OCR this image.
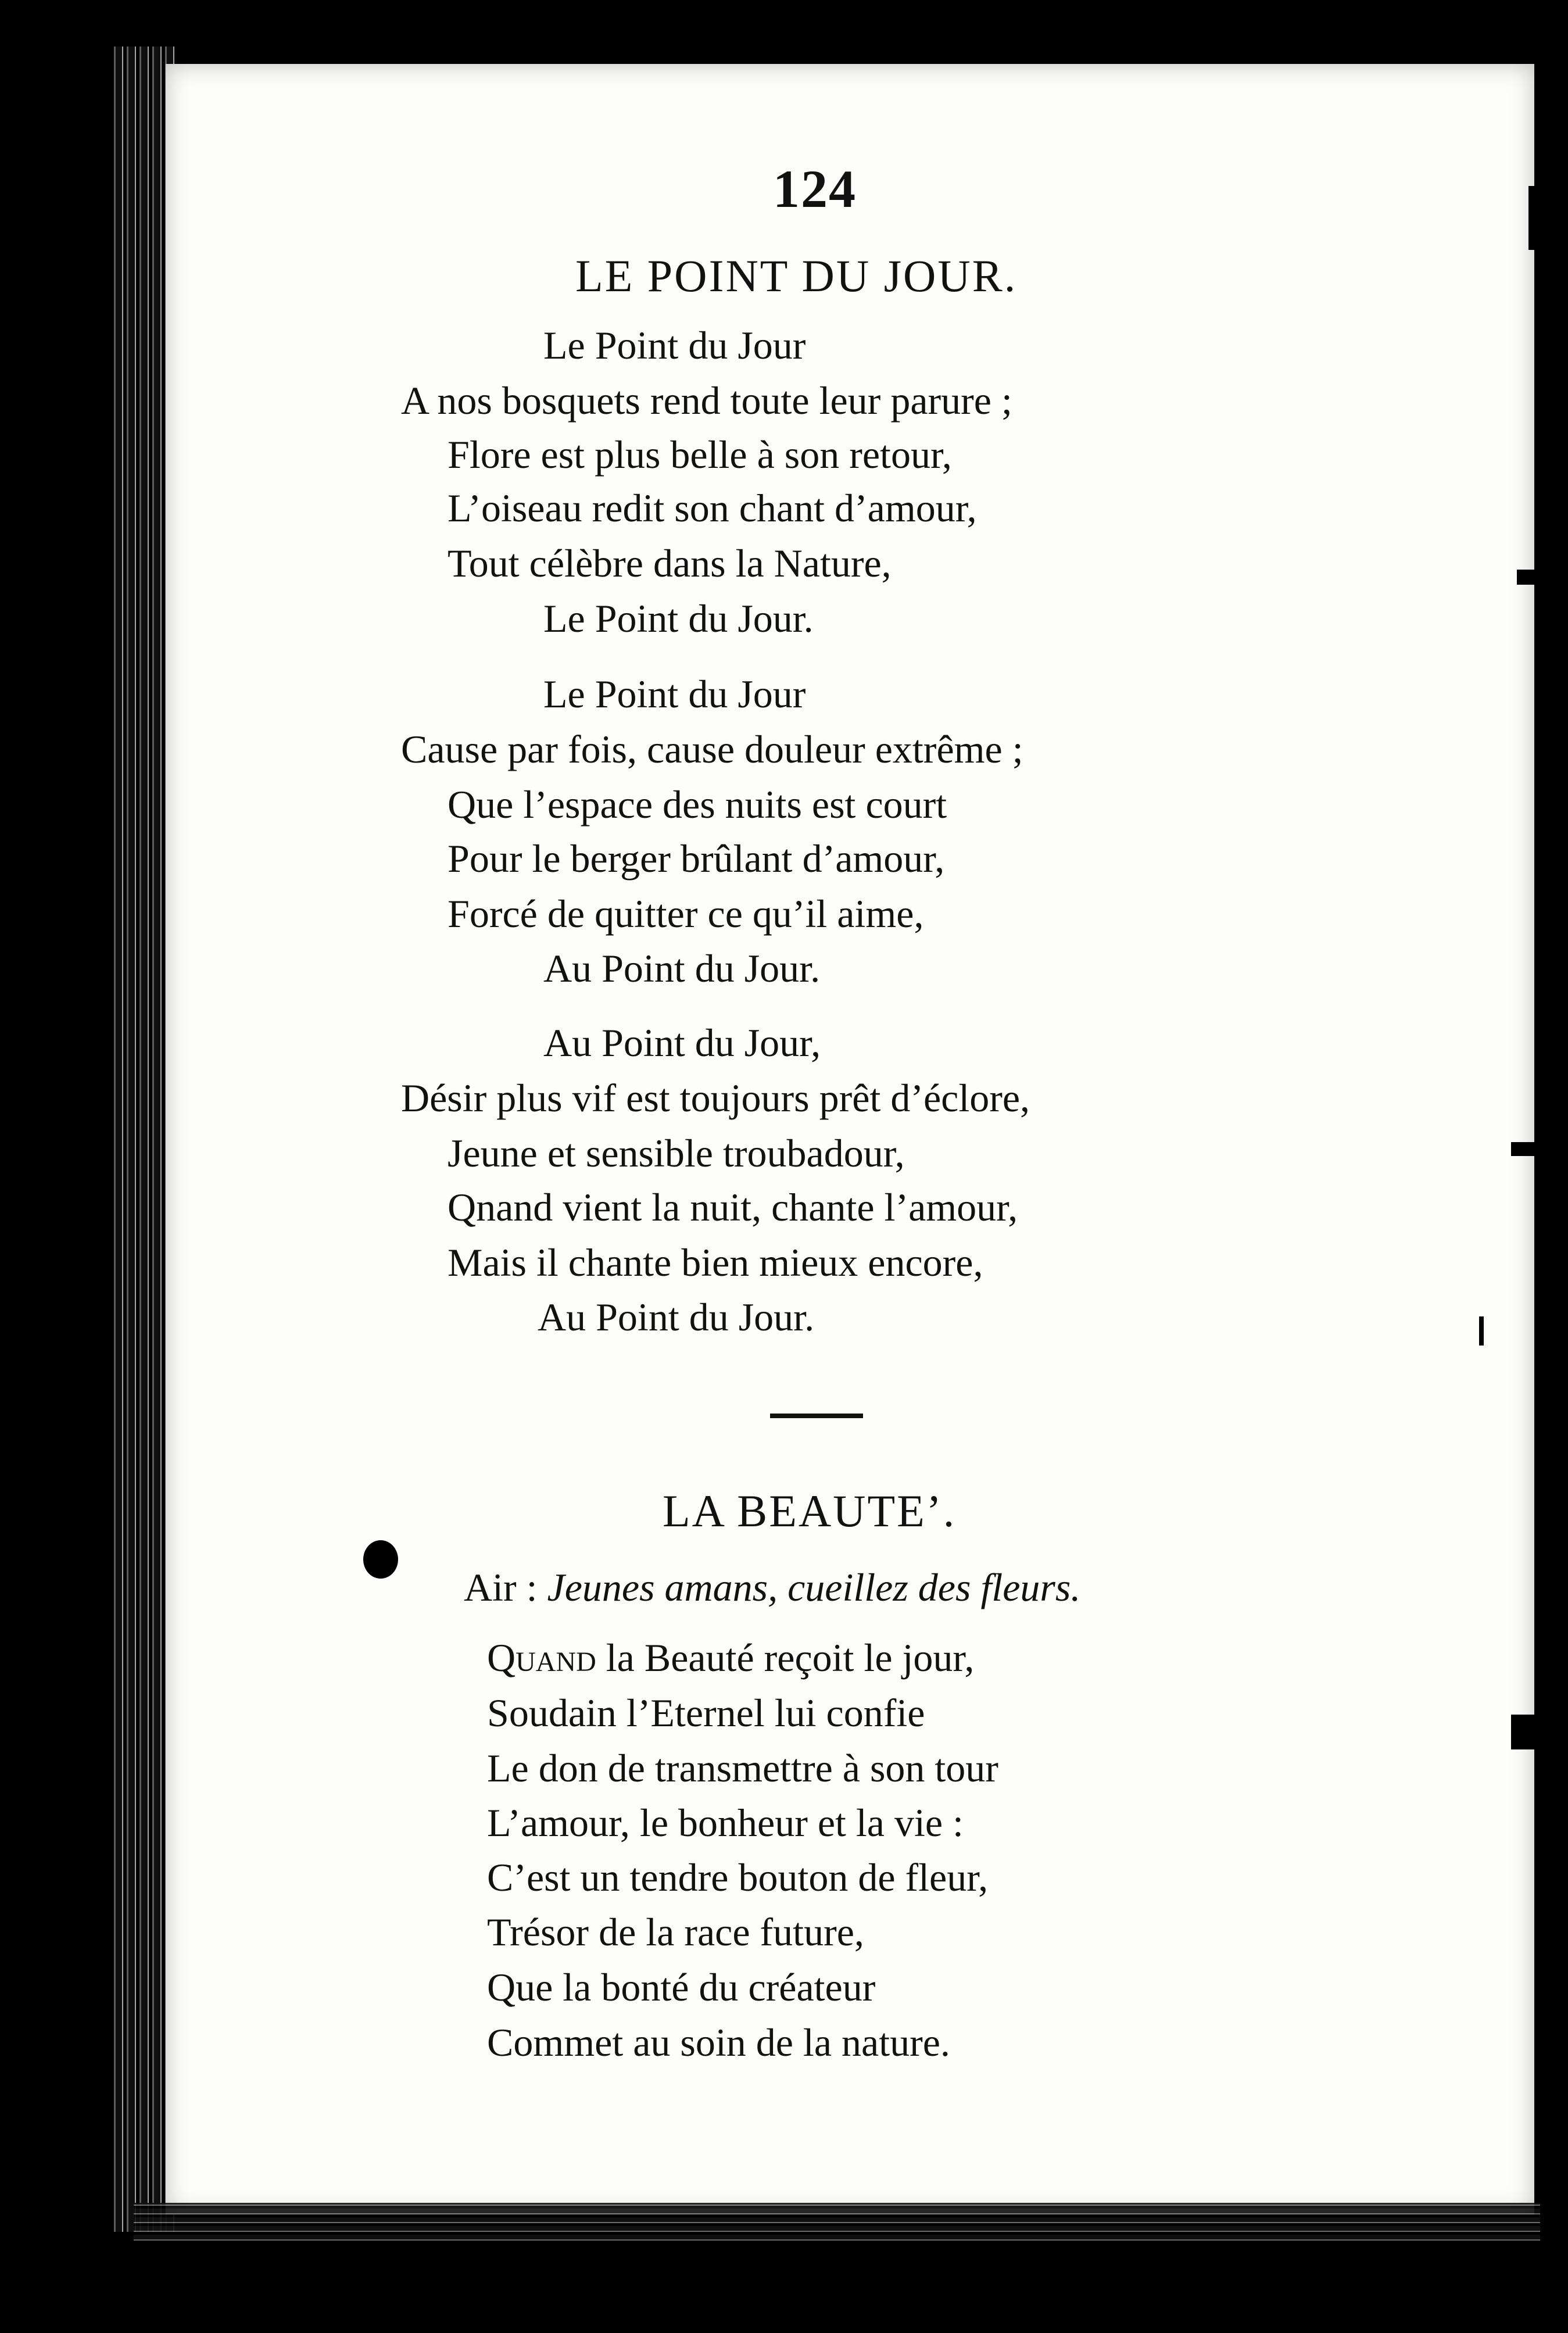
124
LE POINT DU JOUR.
Le Point du Jour
A nos bosquets rend toute leur parure ;
Flore est plus belle à son retour,
L’oiseau redit son chant d’amour,
Tout célèbre dans la Nature,
Le Point du Jour.
Le Point du Jour
Cause par fois, cause douleur extrême ;
Que l’espace des nuits est court
Pour le berger brûlant d’amour,
Forcé de quitter ce qu’il aime,
Au Point du Jour.
Au Point du Jour,
Désir plus vif est toujours prêt d’éclore,
Jeune et sensible troubadour,
Qnand vient la nuit, chante l’amour,
Mais il chante bien mieux encore,
Au Point du Jour.
LA BEAUTE’.
Air : Jeunes amans, cueillez des fleurs.
Quand la Beauté reçoit le jour,
Soudain l’Eternel lui confie
Le don de transmettre à son tour
L’amour, le bonheur et la vie :
C’est un tendre bouton de fleur,
Trésor de la race future,
Que la bonté du créateur
Commet au soin de la nature.
